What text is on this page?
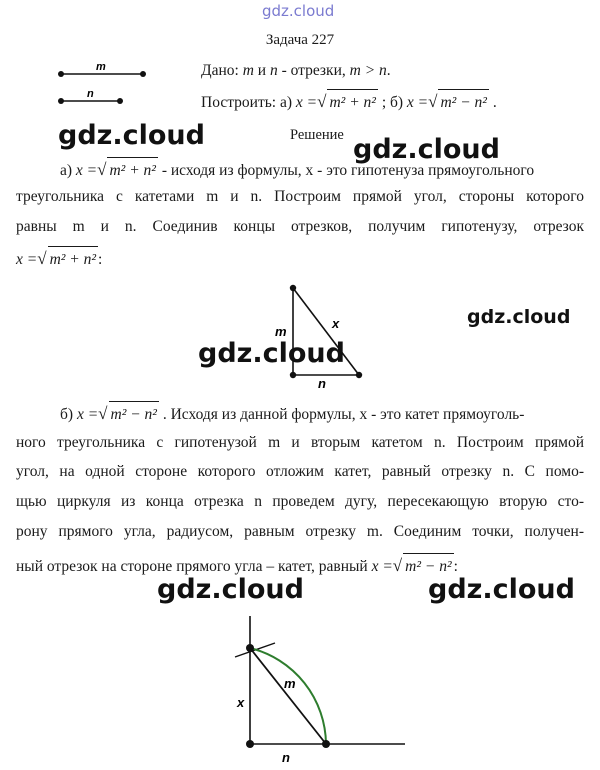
gdz.cloud
Задача 227
m
n
Дано: m и n - отрезки, m > n.
Построить: а) x =√ m² + n² ; б) x =√ m² − n² .
gdz.cloud	gdz.cloud
Решение
а) x =√ m² + n² - исходя из формулы, x - это гипотенуза прямоугольного
треугольника с катетами m и n. Построим прямой угол, стороны которого
равны m и n. Соединив концы отрезков, получим гипотенузу, отрезок
x =√ m² + n² :
m
n
x
gdz.cloud
gdz.cloud
б) x =√ m² − n² . Исходя из данной формулы, x - это катет прямоуголь-
ного треугольника с гипотенузой m и вторым катетом n. Построим прямой
угол, на одной стороне которого отложим катет, равный отрезку n. С помо-
щью циркуля из конца отрезка n проведем дугу, пересекающую вторую сто-
рону прямого угла, радиусом, равным отрезку m. Соединим точки, получен-
ный отрезок на стороне прямого угла – катет, равный x =√ m² − n² :
gdz.cloud	gdz.cloud
x
n
m
